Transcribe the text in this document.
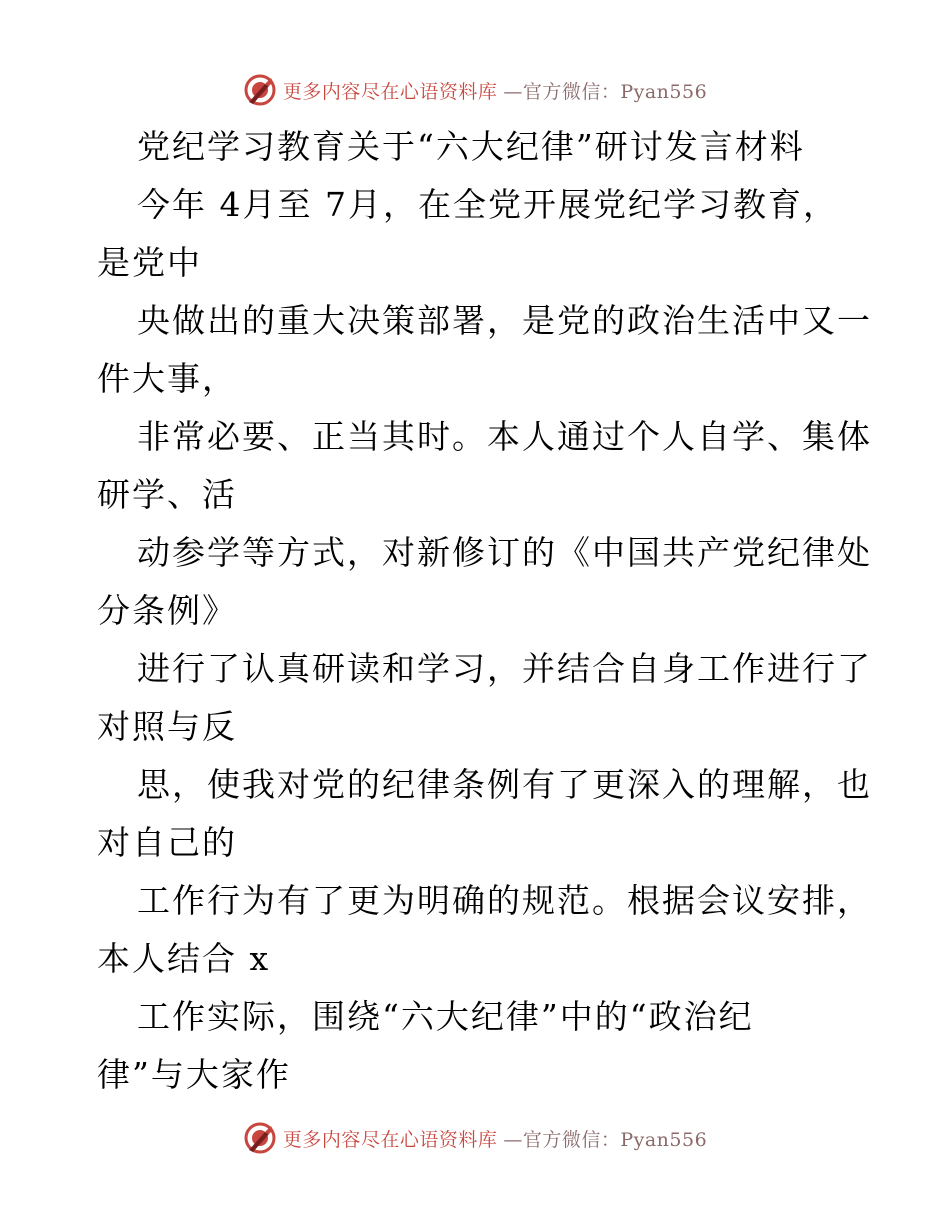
更多内容尽在心语资料库 —官方微信：Pyan556
党纪学习教育关于“六大纪律”研讨发言材料
今年 4月至 7月，在全党开展党纪学习教育，
是党中
央做出的重大决策部署，是党的政治生活中又一
件大事，
非常必要、正当其时。本人通过个人自学、集体
研学、活
动参学等方式，对新修订的《中国共产党纪律处
分条例》
进行了认真研读和学习，并结合自身工作进行了
对照与反
思，使我对党的纪律条例有了更深入的理解，也
对自己的
工作行为有了更为明确的规范。根据会议安排，
本人结合 x
工作实际，围绕“六大纪律”中的“政治纪
律”与大家作
更多内容尽在心语资料库 —官方微信：Pyan556
